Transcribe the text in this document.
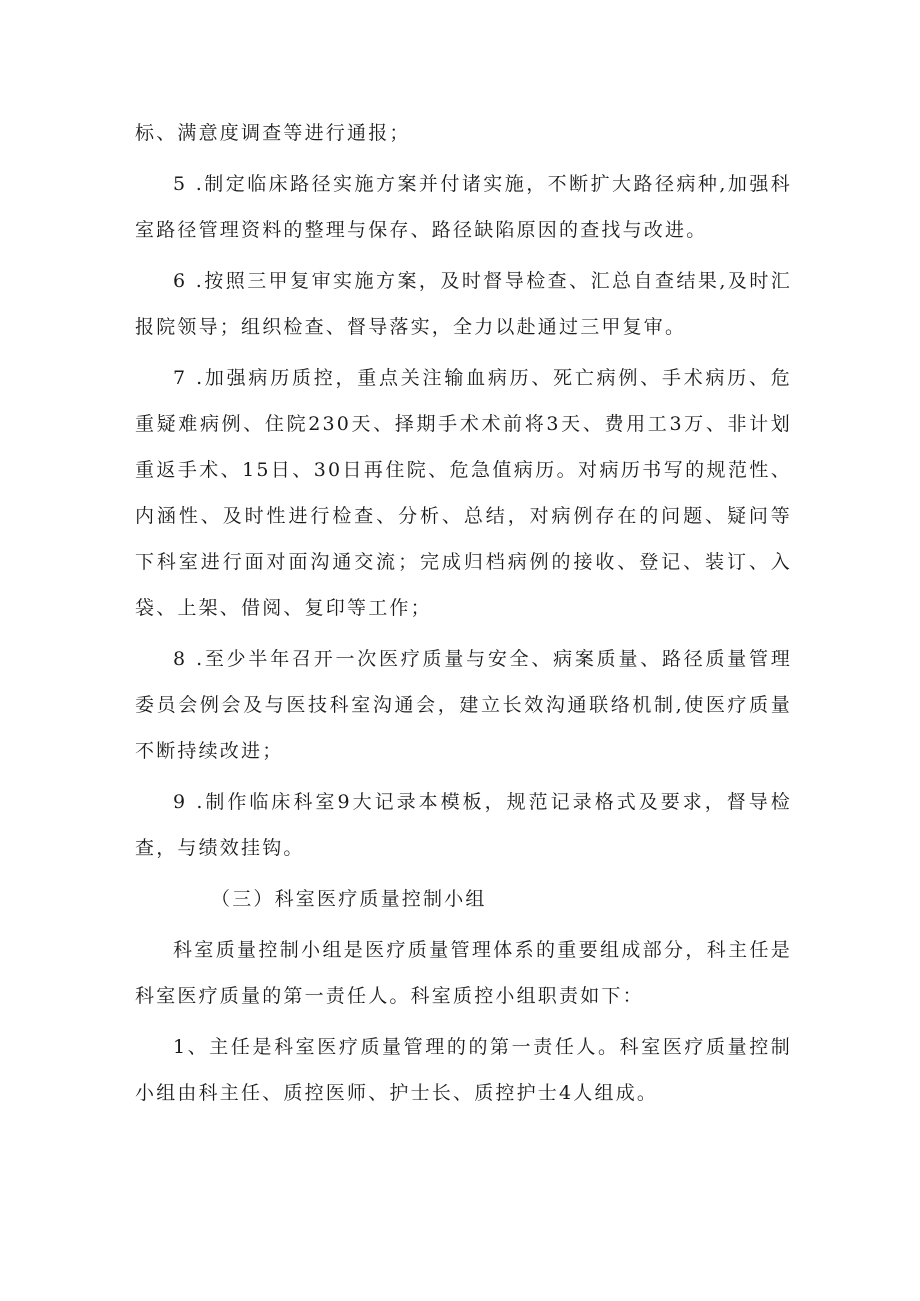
标、满意度调查等进行通报；

5 .制定临床路径实施方案并付诸实施，不断扩大路径病种,加强科室路径管理资料的整理与保存、路径缺陷原因的查找与改进。

6 .按照三甲复审实施方案，及时督导检查、汇总自查结果,及时汇报院领导；组织检查、督导落实，全力以赴通过三甲复审。

7 .加强病历质控，重点关注输血病历、死亡病例、手术病历、危重疑难病例、住院230天、择期手术术前将3天、费用工3万、非计划重返手术、15日、30日再住院、危急值病历。对病历书写的规范性、内涵性、及时性进行检查、分析、总结，对病例存在的问题、疑问等下科室进行面对面沟通交流；完成归档病例的接收、登记、装订、入袋、上架、借阅、复印等工作；

8 .至少半年召开一次医疗质量与安全、病案质量、路径质量管理委员会例会及与医技科室沟通会，建立长效沟通联络机制,使医疗质量不断持续改进；

9 .制作临床科室9大记录本模板，规范记录格式及要求，督导检查，与绩效挂钩。

（三）科室医疗质量控制小组

科室质量控制小组是医疗质量管理体系的重要组成部分，科主任是科室医疗质量的第一责任人。科室质控小组职责如下：

1、主任是科室医疗质量管理的的第一责任人。科室医疗质量控制小组由科主任、质控医师、护士长、质控护士4人组成。
